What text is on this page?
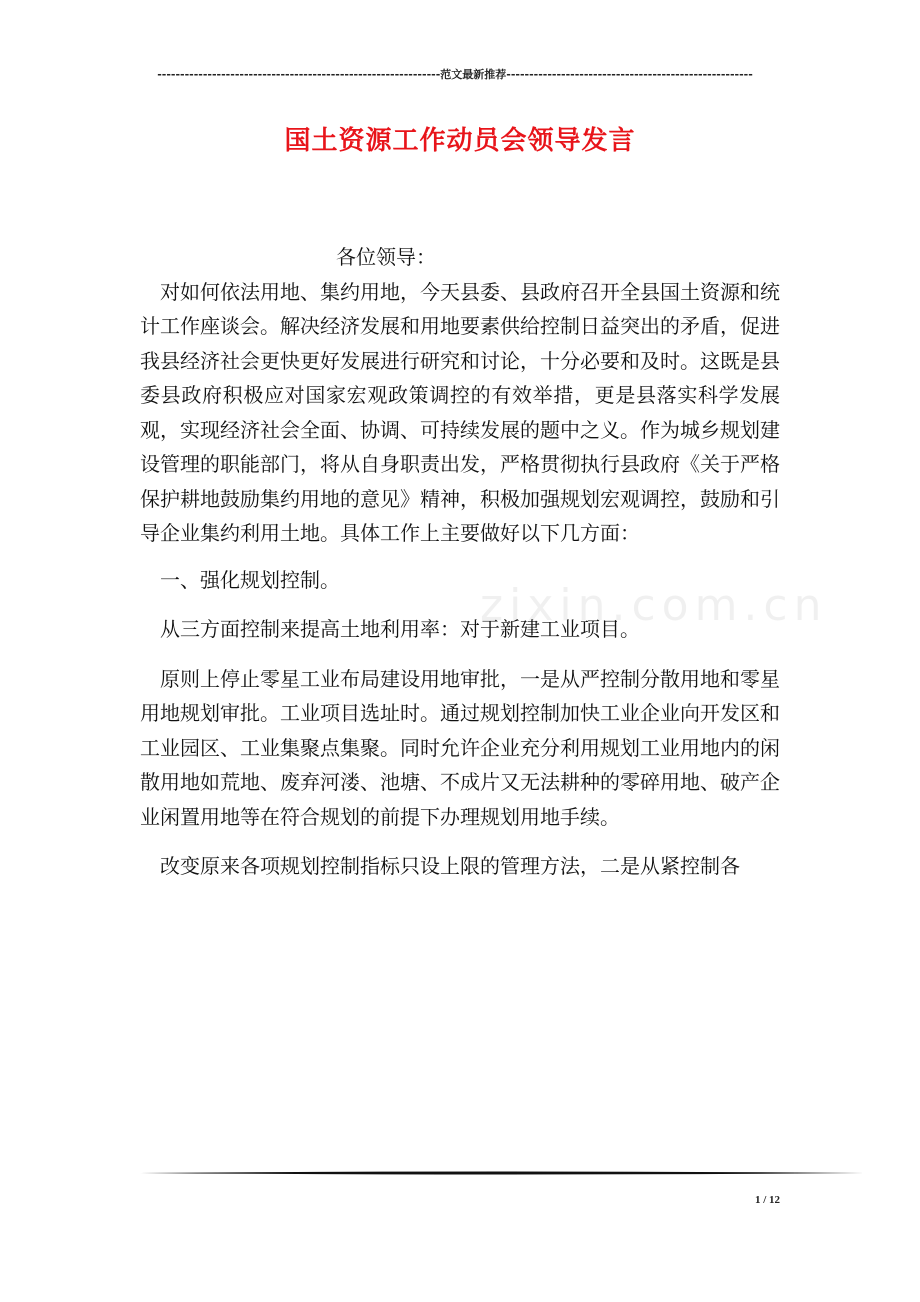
--------------------------------------------------------------范文最新推荐------------------------------------------------------
国土资源工作动员会领导发言
zixin.com.cn

各位领导：

对如何依法用地、集约用地，今天县委、县政府召开全县国土资源和统计工作座谈会。解决经济发展和用地要素供给控制日益突出的矛盾，促进我县经济社会更快更好发展进行研究和讨论，十分必要和及时。这既是县委县政府积极应对国家宏观政策调控的有效举措，更是县落实科学发展观，实现经济社会全面、协调、可持续发展的题中之义。作为城乡规划建设管理的职能部门，将从自身职责出发，严格贯彻执行县政府《关于严格保护耕地鼓励集约用地的意见》精神，积极加强规划宏观调控，鼓励和引导企业集约利用土地。具体工作上主要做好以下几方面：

一、强化规划控制。

从三方面控制来提高土地利用率：对于新建工业项目。

原则上停止零星工业布局建设用地审批，一是从严控制分散用地和零星用地规划审批。工业项目选址时。通过规划控制加快工业企业向开发区和工业园区、工业集聚点集聚。同时允许企业充分利用规划工业用地内的闲散用地如荒地、废弃河溇、池塘、不成片又无法耕种的零碎用地、破产企业闲置用地等在符合规划的前提下办理规划用地手续。

改变原来各项规划控制指标只设上限的管理方法，二是从紧控制各

1 / 12
